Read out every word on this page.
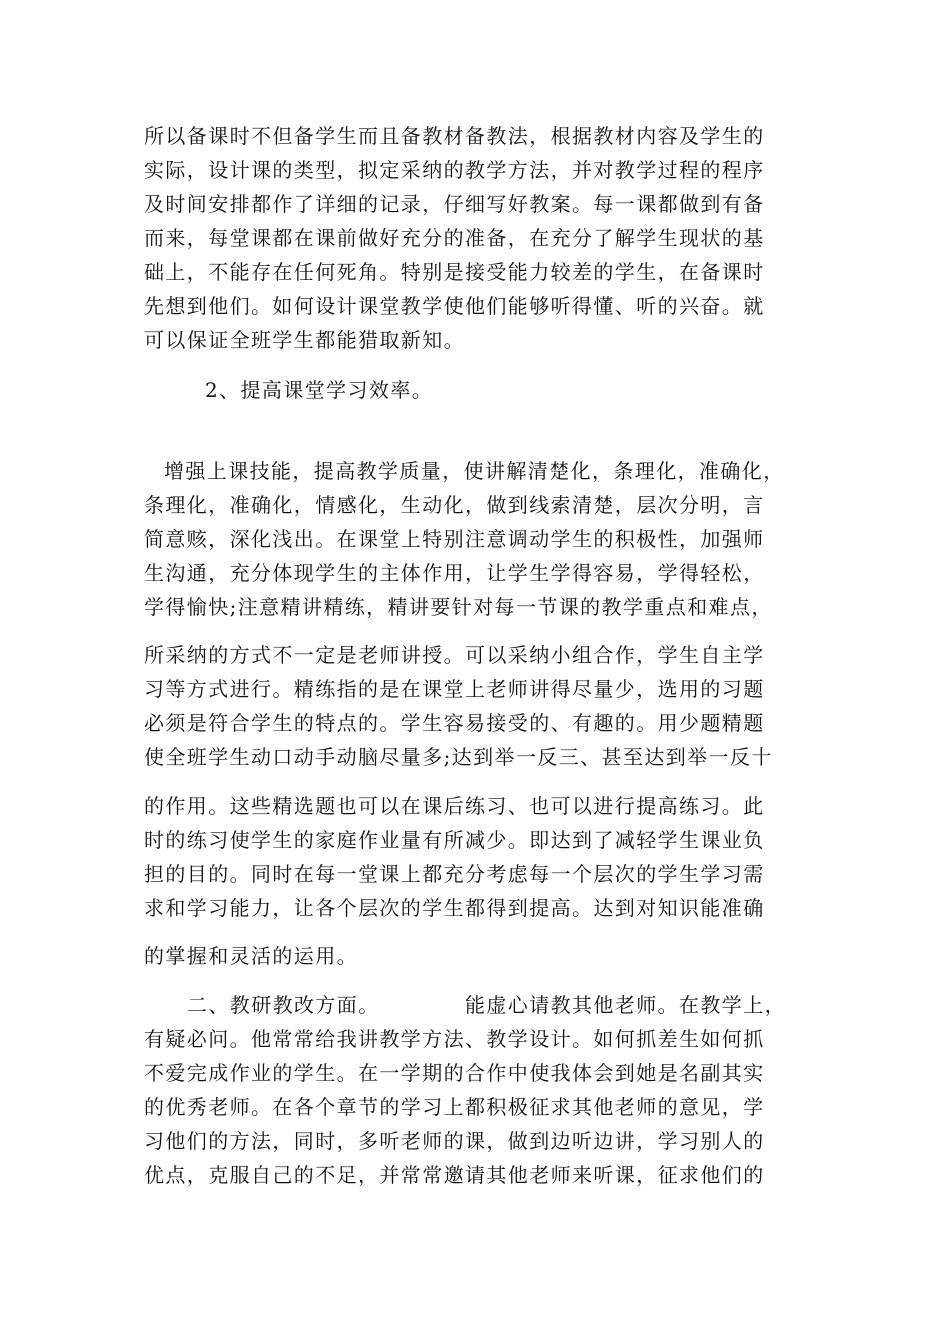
所以备课时不但备学生而且备教材备教法，根据教材内容及学生的
实际，设计课的类型，拟定采纳的教学方法，并对教学过程的程序
及时间安排都作了详细的记录，仔细写好教案。每一课都做到有备
而来，每堂课都在课前做好充分的准备，在充分了解学生现状的基
础上，不能存在任何死角。特别是接受能力较差的学生，在备课时
先想到他们。如何设计课堂教学使他们能够听得懂、听的兴奋。就
可以保证全班学生都能猎取新知。
2、提高课堂学习效率。
增强上课技能，提高教学质量，使讲解清楚化，条理化，准确化，
条理化，准确化，情感化，生动化，做到线索清楚，层次分明，言
简意赅，深化浅出。在课堂上特别注意调动学生的积极性，加强师
生沟通，充分体现学生的主体作用，让学生学得容易，学得轻松，
学得愉快;注意精讲精练，精讲要针对每一节课的教学重点和难点，
所采纳的方式不一定是老师讲授。可以采纳小组合作，学生自主学
习等方式进行。精练指的是在课堂上老师讲得尽量少，选用的习题
必须是符合学生的特点的。学生容易接受的、有趣的。用少题精题
使全班学生动口动手动脑尽量多;达到举一反三、甚至达到举一反十
的作用。这些精选题也可以在课后练习、也可以进行提高练习。此
时的练习使学生的家庭作业量有所减少。即达到了减轻学生课业负
担的目的。同时在每一堂课上都充分考虑每一个层次的学生学习需
求和学习能力，让各个层次的学生都得到提高。达到对知识能准确
的掌握和灵活的运用。
二、教研教改方面。	能虚心请教其他老师。在教学上，
有疑必问。他常常给我讲教学方法、教学设计。如何抓差生如何抓
不爱完成作业的学生。在一学期的合作中使我体会到她是名副其实
的优秀老师。在各个章节的学习上都积极征求其他老师的意见，学
习他们的方法，同时，多听老师的课，做到边听边讲，学习别人的
优点，克服自己的不足，并常常邀请其他老师来听课，征求他们的
